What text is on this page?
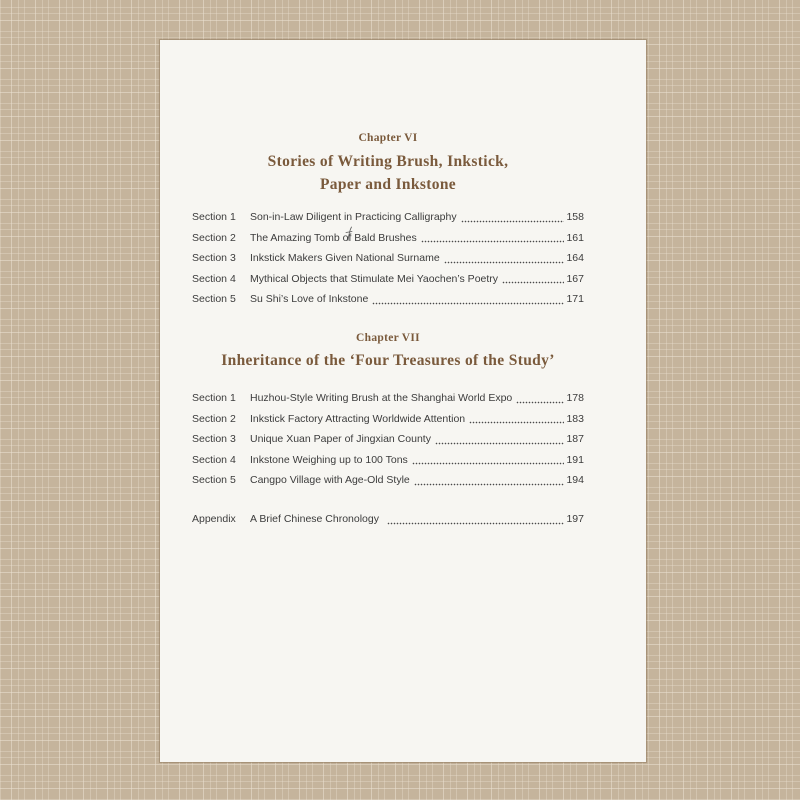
Chapter VI
Stories of Writing Brush, Inkstick,
Paper and Inkstone
Section 1	Son-in-Law Diligent in Practicing Calligraphy	158
Section 2	The Amazing Tomb of Bald Brushes	161
Section 3	Inkstick Makers Given National Surname	164
Section 4	Mythical Objects that Stimulate Mei Yaochen’s Poetry	167
Section 5	Su Shi’s Love of Inkstone	171
Chapter VII
Inheritance of the ‘Four Treasures of the Study’
Section 1	Huzhou-Style Writing Brush at the Shanghai World Expo	178
Section 2	Inkstick Factory Attracting Worldwide Attention	183
Section 3	Unique Xuan Paper of Jingxian County	187
Section 4	Inkstone Weighing up to 100 Tons	191
Section 5	Cangpo Village with Age-Old Style	194
Appendix	A Brief Chinese Chronology	197
